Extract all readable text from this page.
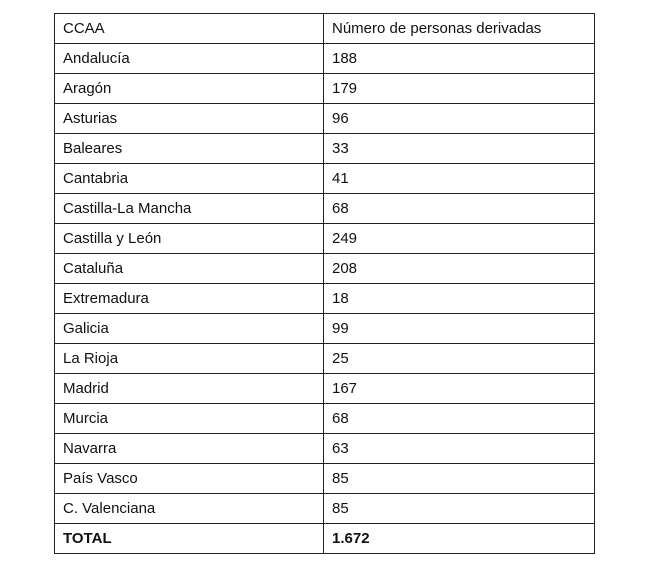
CCAA	Número de personas derivadas
Andalucía	188
Aragón	179
Asturias	96
Baleares	33
Cantabria	41
Castilla-La Mancha	68
Castilla y León	249
Cataluña	208
Extremadura	18
Galicia	99
La Rioja	25
Madrid	167
Murcia	68
Navarra	63
País Vasco	85
C. Valenciana	85
TOTAL	1.672
